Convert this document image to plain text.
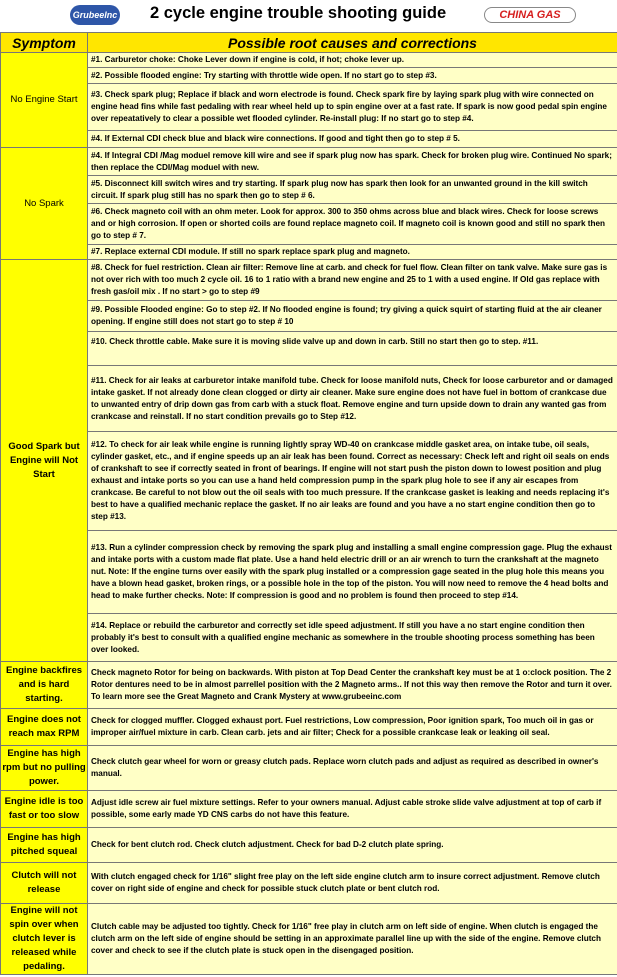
GrubeeInc 2 cycle engine trouble shooting guide	CHINA GAS
Symptom	Possible root causes and corrections
No Engine Start	#1. Carburetor choke: Choke Lever down if engine is cold, if hot; choke lever up.
	#2. Possible flooded engine: Try starting with throttle wide open. If no start go to step #3.
	#3. Check spark plug; Replace if black and worn electrode is found. Check spark fire by laying spark plug with wire connected on engine head fins while fast pedaling with rear wheel held up to spin engine over at a fast rate. If spark is now good pedal spin engine over repeatatively to clear a possible wet flooded cylinder. Re-install plug: If no start go to step #4.
	#4. If External CDI check blue and black wire connections. If good and tight then go to step # 5.
No Spark	#4. If Integral CDI /Mag moduel remove kill wire and see if spark plug now has spark. Check for broken plug wire. Continued No spark; then replace the CDI/Mag moduel with new.
	#5. Disconnect kill switch wires and try starting. If spark plug now has spark then look for an unwanted ground in the kill switch circuit. If spark plug still has no spark then go to step # 6.
	#6. Check magneto coil with an ohm meter. Look for approx. 300 to 350 ohms across blue and black wires. Check for loose screws and or high corrosion. If open or shorted coils are found replace magneto coil. If magneto coil is known good and still no spark then go to step # 7.
	#7. Replace external CDI module. If still no spark replace spark plug and magneto.
Good Spark but Engine will Not Start	#8. Check for fuel restriction. Clean air filter: Remove line at carb. and check for fuel flow. Clean filter on tank valve. Make sure gas is not over rich with too much 2 cycle oil. 16 to 1 ratio with a brand new engine and 25 to 1 with a used engine. If Old gas replace with fresh gas/oil mix . If no start > go to step #9
	#9. Possible Flooded engine: Go to step #2. If No flooded engine is found; try giving a quick squirt of starting fluid at the air cleaner opening. If engine still does not start go to step # 10
	#10. Check throttle cable. Make sure it is moving slide valve up and down in carb. Still no start then go to step. #11.
	#11. Check for air leaks at carburetor intake manifold tube. Check for loose manifold nuts, Check for loose carburetor and or damaged intake gasket. If not already done clean clogged or dirty air cleaner. Make sure engine does not have fuel in bottom of crankcase due to unwanted entry of drip down gas from carb with a stuck float. Remove engine and turn upside down to drain any wanted gas from crankcase and reinstall. If no start condition prevails go to Step #12.
	#12. To check for air leak while engine is running lightly spray WD-40 on crankcase middle gasket area, on intake tube, oil seals, cylinder gasket, etc., and if engine speeds up an air leak has been found. Correct as necessary: Check left and right oil seals on ends of crankshaft to see if correctly seated in front of bearings. If engine will not start push the piston down to lowest position and plug exhaust and intake ports so you can use a hand held compression pump in the spark plug hole to see if any air escapes from crankcase. Be careful to not blow out the oil seals with too much pressure. If the crankcase gasket is leaking and needs replacing it's best to have a qualified mechanic replace the gasket. If no air leaks are found and you have a no start engine condition then go to step #13.
	#13. Run a cylinder compression check by removing the spark plug and installing a small engine compression gage. Plug the exhaust and intake ports with a custom made flat plate. Use a hand held electric drill or an air wrench to turn the crankshaft at the magneto nut. Note: If the engine turns over easily with the spark plug installed or a compression gage seated in the plug hole this means you have a blown head gasket, broken rings, or a possible hole in the top of the piston. You will now need to remove the 4 head bolts and head to make further checks. Note: If compression is good and no problem is found then proceed to step #14.
	#14. Replace or rebuild the carburetor and correctly set idle speed adjustment. If still you have a no start engine condition then probably it's best to consult with a qualified engine mechanic as somewhere in the trouble shooting process something has been over looked.
Engine backfires and is hard starting.	Check magneto Rotor for being on backwards. With piston at Top Dead Center the crankshaft key must be at 1 o:clock position. The 2 Rotor dentures need to be in almost parrellel position with the 2 Magneto arms.. If not this way then remove the Rotor and turn it over. To learn more see the Great Magneto and Crank Mystery at www.grubeeinc.com
Engine does not reach max RPM	Check for clogged muffler. Clogged exhaust port. Fuel restrictions, Low compression, Poor ignition spark, Too much oil in gas or improper air/fuel mixture in carb. Clean carb. jets and air filter; Check for a possible crankcase leak or leaking oil seal.
Engine has high rpm but no pulling power.	Check clutch gear wheel for worn or greasy clutch pads. Replace worn clutch pads and adjust as required as described in owner's manual.
Engine idle is too fast or too slow	Adjust idle screw air fuel mixture settings. Refer to your owners manual. Adjust cable stroke slide valve adjustment at top of carb if possible, some early made YD CNS carbs do not have this feature.
Engine has high pitched squeal	Check for bent clutch rod. Check clutch adjustment. Check for bad D-2 clutch plate spring.
Clutch will not release	With clutch engaged check for 1/16" slight free play on the left side engine clutch arm to insure correct adjustment. Remove clutch cover on right side of engine and check for possible stuck clutch plate or bent clutch rod.
Engine will not spin over when clutch lever is released while pedaling.	Clutch cable may be adjusted too tightly. Check for 1/16" free play in clutch arm on left side of engine. When clutch is engaged the clutch arm on the left side of engine should be setting in an approximate parallel line up with the side of the engine. Remove clutch cover and check to see if the clutch plate is stuck open in the disengaged position.
